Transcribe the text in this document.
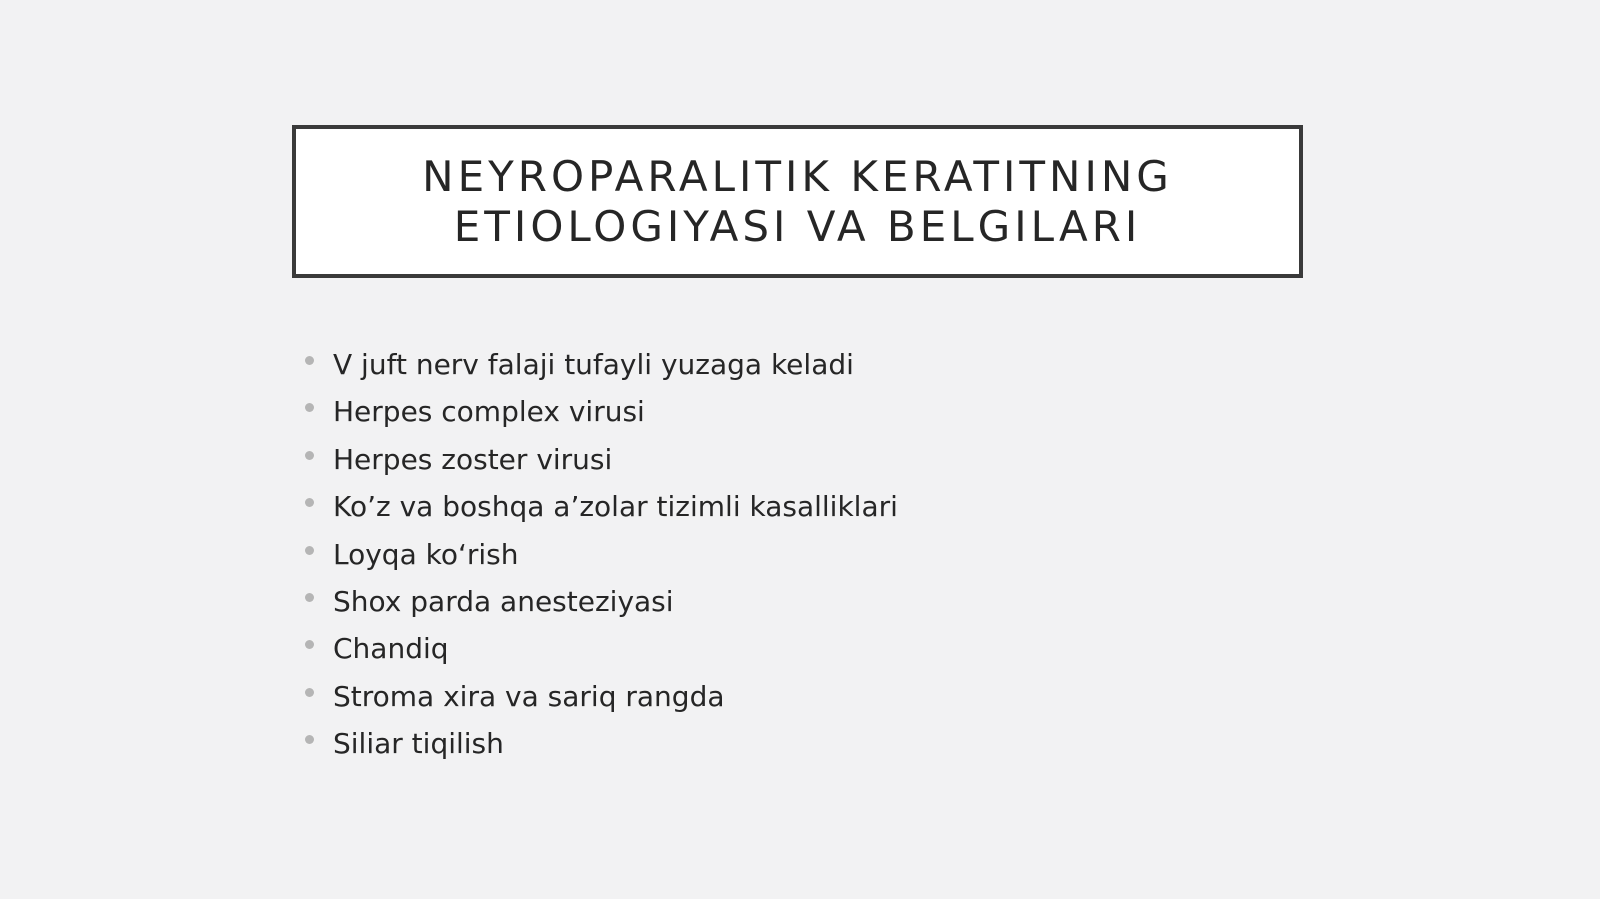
NEYROPARALITIK KERATITNING
ETIOLOGIYASI VA BELGILARI
V juft nerv falaji tufayli yuzaga keladi
Herpes complex virusi
Herpes zoster virusi
Ko’z va boshqa a’zolar tizimli kasalliklari
Loyqa ko‘rish
Shox parda anesteziyasi
Chandiq
Stroma xira va sariq rangda
Siliar tiqilish
